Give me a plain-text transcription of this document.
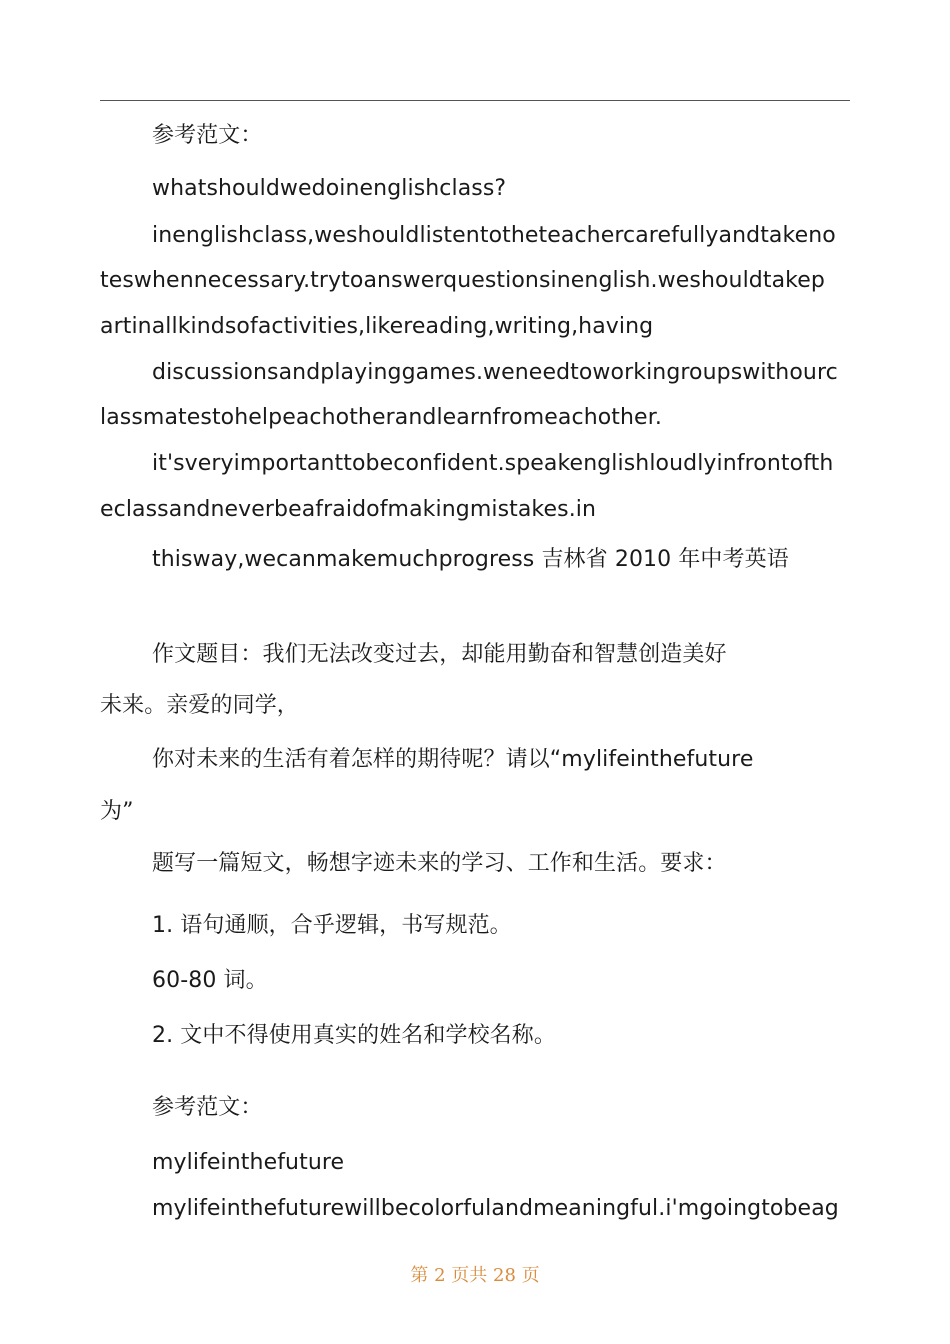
参考范文：
whatshouldwedoinenglishclass?
inenglishclass,weshouldlistentotheteachercarefullyandtakeno
teswhennecessary.trytoanswerquestionsinenglish.weshouldtakep
artinallkindsofactivities,likereading,writing,having
discussionsandplayinggames.weneedtoworkingroupswithourc
lassmatestohelpeachotherandlearnfromeachother.
it'sveryimportanttobeconfident.speakenglishloudlyinfrontofth
eclassandneverbeafraidofmakingmistakes.in
thisway,wecanmakemuchprogress 吉林省 2010 年中考英语
作文题目：我们无法改变过去，却能用勤奋和智慧创造美好
未来。亲爱的同学，
你对未来的生活有着怎样的期待呢？请以“mylifeinthefuture
为”
题写一篇短文，畅想字迹未来的学习、工作和生活。要求：
1. 语句通顺，合乎逻辑，书写规范。
60-80 词。
2. 文中不得使用真实的姓名和学校名称。
参考范文：
mylifeinthefuture
mylifeinthefuturewillbecolorfulandmeaningful.i'mgoingtobeag
第 2 页共 28 页
